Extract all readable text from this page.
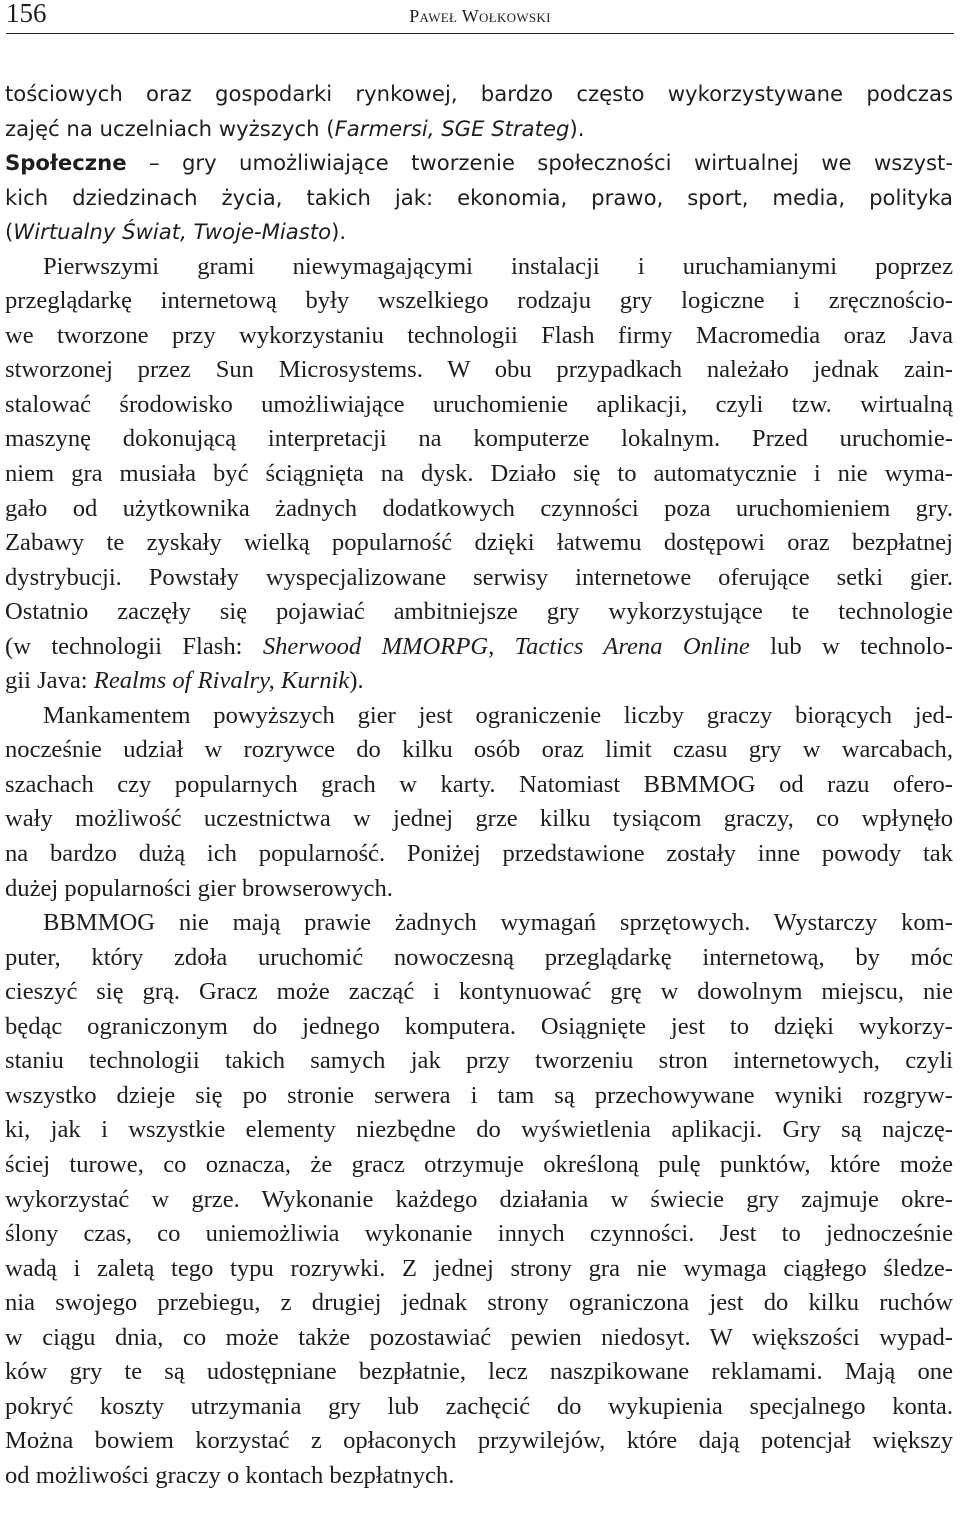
156	Paweł Wołkowski
tościowych oraz gospodarki rynkowej, bardzo często wykorzystywane podczas
zajęć na uczelniach wyższych (Farmersi, SGE Strateg).
Społeczne – gry umożliwiające tworzenie społeczności wirtualnej we wszyst-
kich dziedzinach życia, takich jak: ekonomia, prawo, sport, media, polityka
(Wirtualny Świat, Twoje-Miasto).
Pierwszymi grami niewymagającymi instalacji i uruchamianymi poprzez
przeglądarkę internetową były wszelkiego rodzaju gry logiczne i zręcznościo-
we tworzone przy wykorzystaniu technologii Flash firmy Macromedia oraz Java
stworzonej przez Sun Microsystems. W obu przypadkach należało jednak zain-
stalować środowisko umożliwiające uruchomienie aplikacji, czyli tzw. wirtualną
maszynę dokonującą interpretacji na komputerze lokalnym. Przed uruchomie-
niem gra musiała być ściągnięta na dysk. Działo się to automatycznie i nie wyma-
gało od użytkownika żadnych dodatkowych czynności poza uruchomieniem gry.
Zabawy te zyskały wielką popularność dzięki łatwemu dostępowi oraz bezpłatnej
dystrybucji. Powstały wyspecjalizowane serwisy internetowe oferujące setki gier.
Ostatnio zaczęły się pojawiać ambitniejsze gry wykorzystujące te technologie
(w technologii Flash: Sherwood MMORPG, Tactics Arena Online lub w technolo-
gii Java: Realms of Rivalry, Kurnik).
Mankamentem powyższych gier jest ograniczenie liczby graczy biorących jed-
nocześnie udział w rozrywce do kilku osób oraz limit czasu gry w warcabach,
szachach czy popularnych grach w karty. Natomiast BBMMOG od razu ofero-
wały możliwość uczestnictwa w jednej grze kilku tysiącom graczy, co wpłynęło
na bardzo dużą ich popularność. Poniżej przedstawione zostały inne powody tak
dużej popularności gier browserowych.
BBMMOG nie mają prawie żadnych wymagań sprzętowych. Wystarczy kom-
puter, który zdoła uruchomić nowoczesną przeglądarkę internetową, by móc
cieszyć się grą. Gracz może zacząć i kontynuować grę w dowolnym miejscu, nie
będąc ograniczonym do jednego komputera. Osiągnięte jest to dzięki wykorzy-
staniu technologii takich samych jak przy tworzeniu stron internetowych, czyli
wszystko dzieje się po stronie serwera i tam są przechowywane wyniki rozgryw-
ki, jak i wszystkie elementy niezbędne do wyświetlenia aplikacji. Gry są najczę-
ściej turowe, co oznacza, że gracz otrzymuje określoną pulę punktów, które może
wykorzystać w grze. Wykonanie każdego działania w świecie gry zajmuje okre-
ślony czas, co uniemożliwia wykonanie innych czynności. Jest to jednocześnie
wadą i zaletą tego typu rozrywki. Z jednej strony gra nie wymaga ciągłego śledze-
nia swojego przebiegu, z drugiej jednak strony ograniczona jest do kilku ruchów
w ciągu dnia, co może także pozostawiać pewien niedosyt. W większości wypad-
ków gry te są udostępniane bezpłatnie, lecz naszpikowane reklamami. Mają one
pokryć koszty utrzymania gry lub zachęcić do wykupienia specjalnego konta.
Można bowiem korzystać z opłaconych przywilejów, które dają potencjał większy
od możliwości graczy o kontach bezpłatnych.
